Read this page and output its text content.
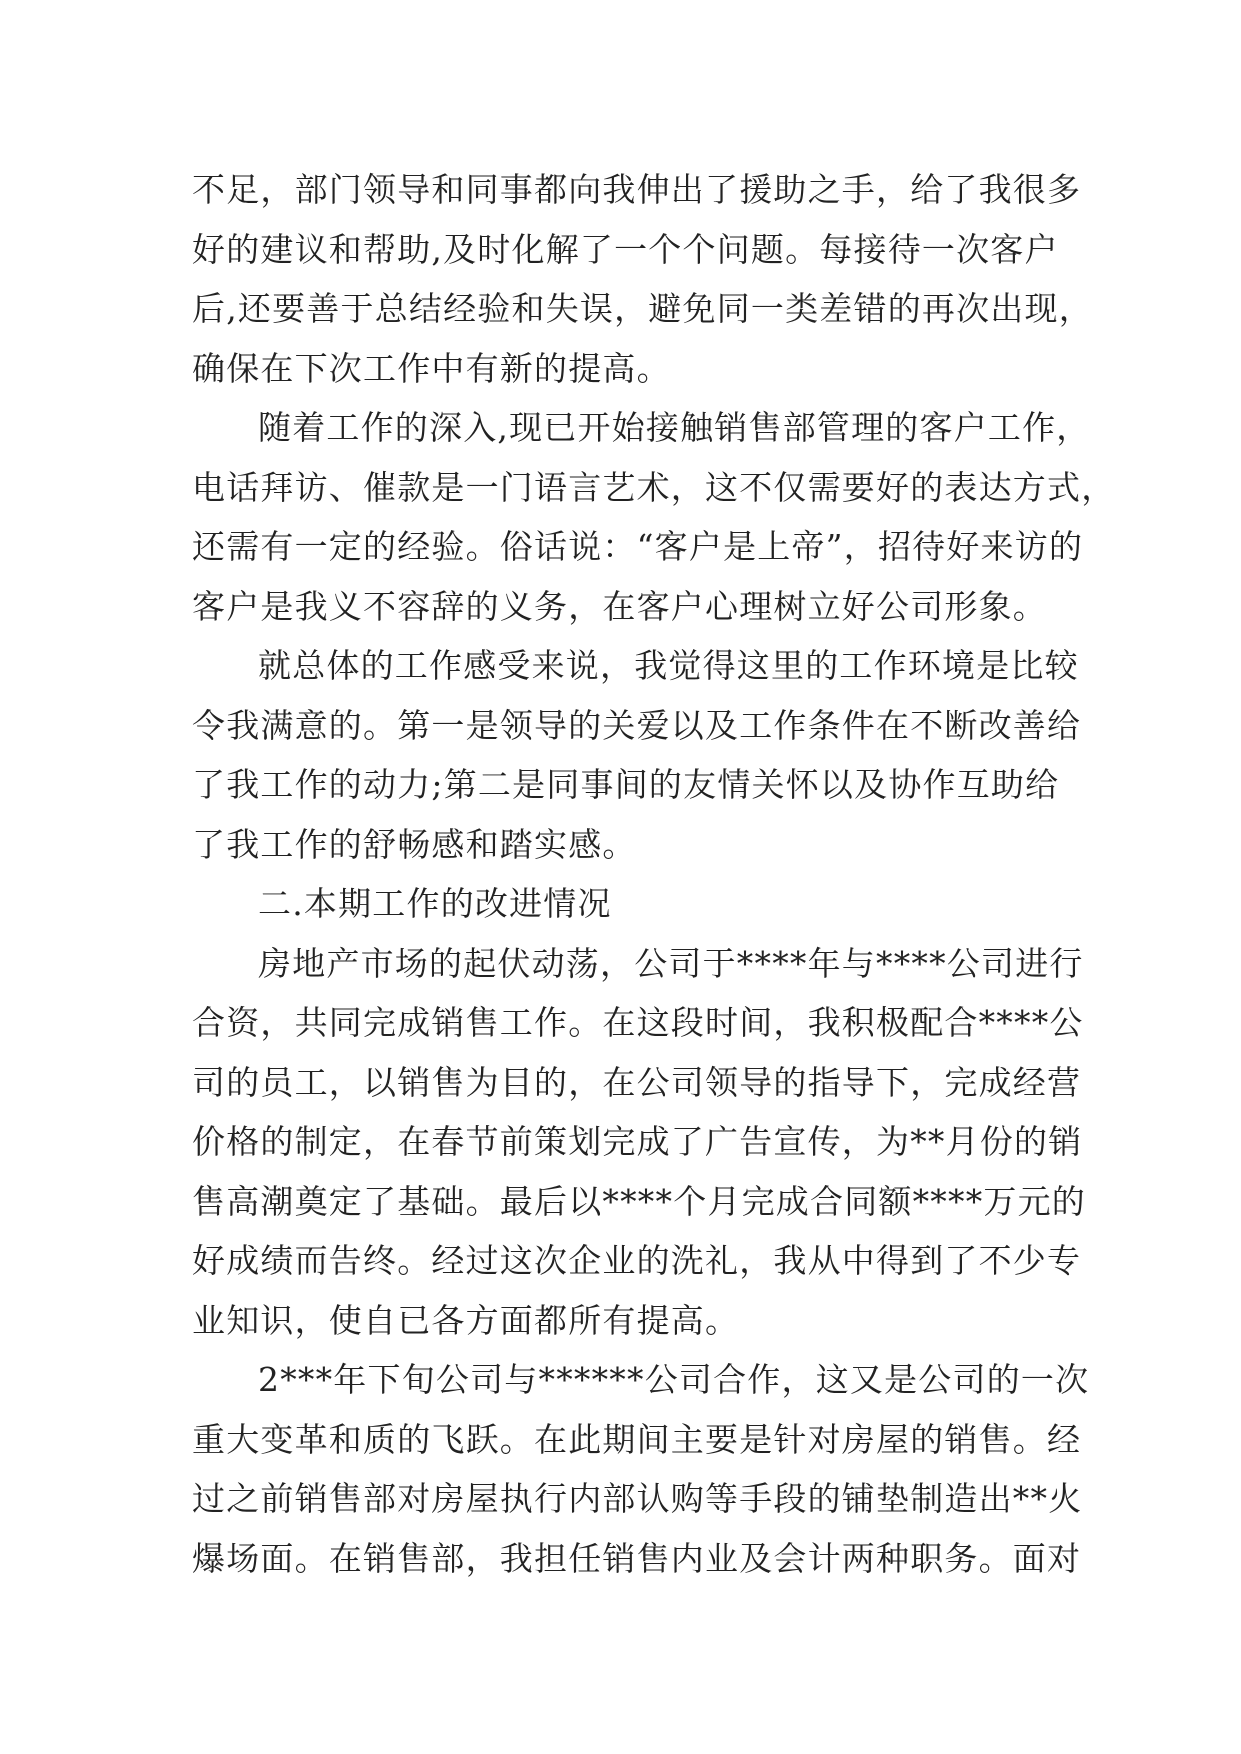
不足，部门领导和同事都向我伸出了援助之手，给了我很多
好的建议和帮助,及时化解了一个个问题。每接待一次客户
后,还要善于总结经验和失误，避免同一类差错的再次出现，
确保在下次工作中有新的提高。
随着工作的深入,现已开始接触销售部管理的客户工作，
电话拜访、催款是一门语言艺术，这不仅需要好的表达方式，
还需有一定的经验。俗话说：“客户是上帝”，招待好来访的
客户是我义不容辞的义务，在客户心理树立好公司形象。
就总体的工作感受来说，我觉得这里的工作环境是比较
令我满意的。第一是领导的关爱以及工作条件在不断改善给
了我工作的动力;第二是同事间的友情关怀以及协作互助给
了我工作的舒畅感和踏实感。
二.本期工作的改进情况
房地产市场的起伏动荡，公司于****年与****公司进行
合资，共同完成销售工作。在这段时间，我积极配合****公
司的员工，以销售为目的，在公司领导的指导下，完成经营
价格的制定，在春节前策划完成了广告宣传，为**月份的销
售高潮奠定了基础。最后以****个月完成合同额****万元的
好成绩而告终。经过这次企业的洗礼，我从中得到了不少专
业知识，使自已各方面都所有提高。
2***年下旬公司与******公司合作，这又是公司的一次
重大变革和质的飞跃。在此期间主要是针对房屋的销售。经
过之前销售部对房屋执行内部认购等手段的铺垫制造出**火
爆场面。在销售部，我担任销售内业及会计两种职务。面对
